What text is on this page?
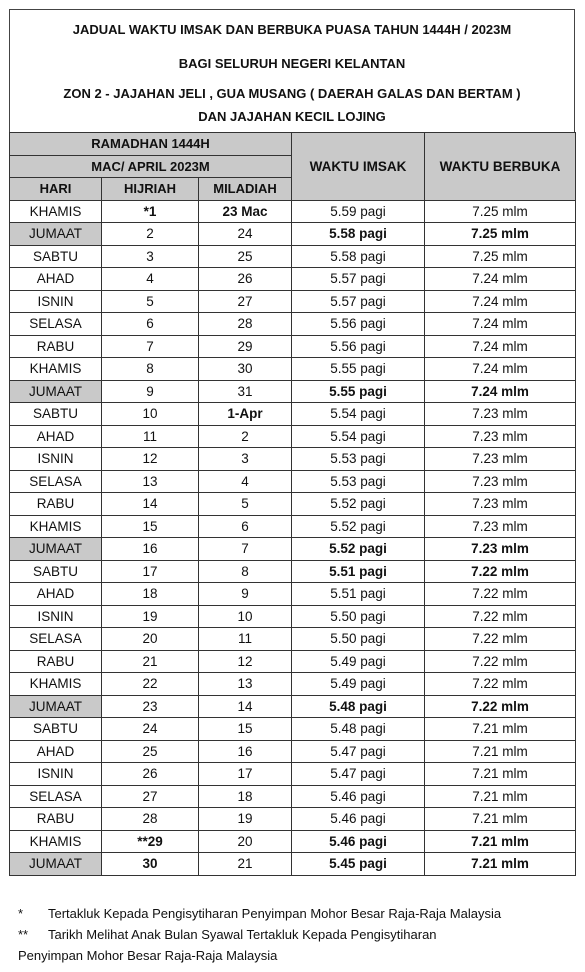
JADUAL WAKTU IMSAK DAN BERBUKA PUASA TAHUN 1444H / 2023M
BAGI SELURUH NEGERI KELANTAN
ZON 2 - JAJAHAN JELI , GUA MUSANG ( DAERAH GALAS DAN BERTAM )
DAN JAJAHAN KECIL LOJING
RAMADHAN 1444H			WAKTU IMSAK	WAKTU BERBUKA
MAC/ APRIL 2023M				
HARI	HIJRIAH	MILADIAH		
KHAMIS	*1	23 Mac	5.59 pagi	7.25 mlm
JUMAAT	2	24	5.58 pagi	7.25 mlm
SABTU	3	25	5.58 pagi	7.25 mlm
AHAD	4	26	5.57 pagi	7.24 mlm
ISNIN	5	27	5.57 pagi	7.24 mlm
SELASA	6	28	5.56 pagi	7.24 mlm
RABU	7	29	5.56 pagi	7.24 mlm
KHAMIS	8	30	5.55 pagi	7.24 mlm
JUMAAT	9	31	5.55 pagi	7.24 mlm
SABTU	10	1-Apr	5.54 pagi	7.23 mlm
AHAD	11	2	5.54 pagi	7.23 mlm
ISNIN	12	3	5.53 pagi	7.23 mlm
SELASA	13	4	5.53 pagi	7.23 mlm
RABU	14	5	5.52 pagi	7.23 mlm
KHAMIS	15	6	5.52 pagi	7.23 mlm
JUMAAT	16	7	5.52 pagi	7.23 mlm
SABTU	17	8	5.51 pagi	7.22 mlm
AHAD	18	9	5.51 pagi	7.22 mlm
ISNIN	19	10	5.50 pagi	7.22 mlm
SELASA	20	11	5.50 pagi	7.22 mlm
RABU	21	12	5.49 pagi	7.22 mlm
KHAMIS	22	13	5.49 pagi	7.22 mlm
JUMAAT	23	14	5.48 pagi	7.22 mlm
SABTU	24	15	5.48 pagi	7.21 mlm
AHAD	25	16	5.47 pagi	7.21 mlm
ISNIN	26	17	5.47 pagi	7.21 mlm
SELASA	27	18	5.46 pagi	7.21 mlm
RABU	28	19	5.46 pagi	7.21 mlm
KHAMIS	**29	20	5.46 pagi	7.21 mlm
JUMAAT	30	21	5.45 pagi	7.21 mlm
*	Tertakluk Kepada Pengisytiharan Penyimpan Mohor Besar Raja-Raja Malaysia
**	Tarikh Melihat Anak Bulan Syawal Tertakluk Kepada Pengisytiharan
Penyimpan Mohor Besar Raja-Raja Malaysia
